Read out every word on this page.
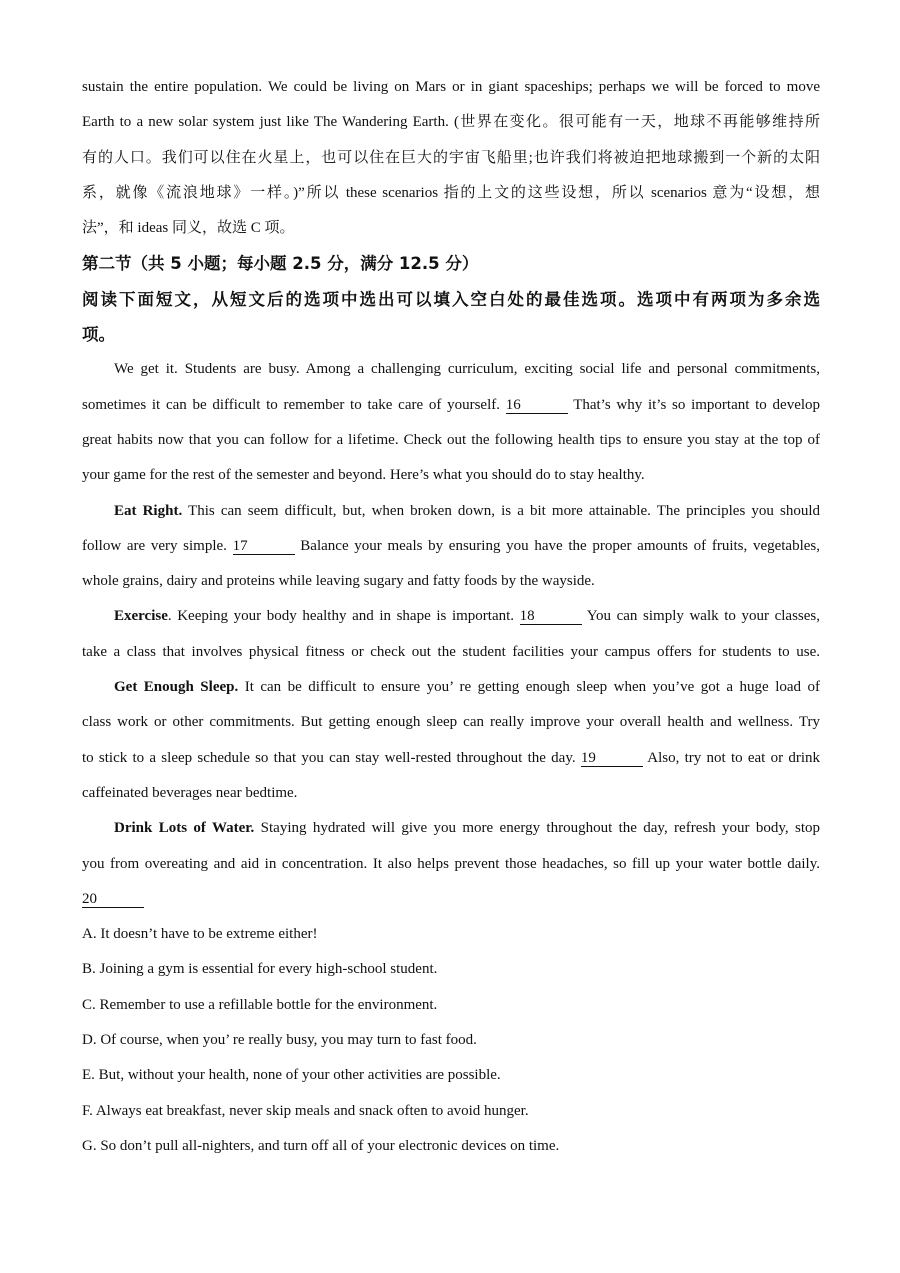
sustain the entire population. We could be living on Mars or in giant spaceships; perhaps we will be forced to move
Earth to a new solar system just like The Wandering Earth. (世界在变化。很可能有一天，地球不再能够维持所
有的人口。我们可以住在火星上，也可以住在巨大的宇宙飞船里;也许我们将被迫把地球搬到一个新的太阳
系，就像《流浪地球》一样。)”所以 these scenarios 指的上文的这些设想，所以 scenarios 意为“设想，想
法”，和 ideas 同义，故选 C 项。
第二节（共 5 小题；每小题 2.5 分，满分 12.5 分）
阅读下面短文，从短文后的选项中选出可以填入空白处的最佳选项。选项中有两项为多余选
项。
We get it. Students are busy. Among a challenging curriculum, exciting social life and personal commitments,
sometimes it can be difficult to remember to take care of yourself. 16	That’s why it’s so important to develop
great habits now that you can follow for a lifetime. Check out the following health tips to ensure you stay at the top of
your game for the rest of the semester and beyond. Here’s what you should do to stay healthy.
Eat Right. This can seem difficult, but, when broken down, is a bit more attainable. The principles you should
follow are very simple. 17	Balance your meals by ensuring you have the proper amounts of fruits, vegetables,
whole grains, dairy and proteins while leaving sugary and fatty foods by the wayside.
Exercise. Keeping your body healthy and in shape is important. 18	You can simply walk to your classes,
take a class that involves physical fitness or check out the student facilities your campus offers for students to use.
Get Enough Sleep. It can be difficult to ensure you’ re getting enough sleep when you’ve got a huge load of
class work or other commitments. But getting enough sleep can really improve your overall health and wellness. Try
to stick to a sleep schedule so that you can stay well-rested throughout the day. 19	Also, try not to eat or drink
caffeinated beverages near bedtime.
Drink Lots of Water. Staying hydrated will give you more energy throughout the day, refresh your body, stop
you from overeating and aid in concentration. It also helps prevent those headaches, so fill up your water bottle daily.
20
A. It doesn’t have to be extreme either!
B. Joining a gym is essential for every high-school student.
C. Remember to use a refillable bottle for the environment.
D. Of course, when you’ re really busy, you may turn to fast food.
E. But, without your health, none of your other activities are possible.
F. Always eat breakfast, never skip meals and snack often to avoid hunger.
G. So don’t pull all-nighters, and turn off all of your electronic devices on time.
